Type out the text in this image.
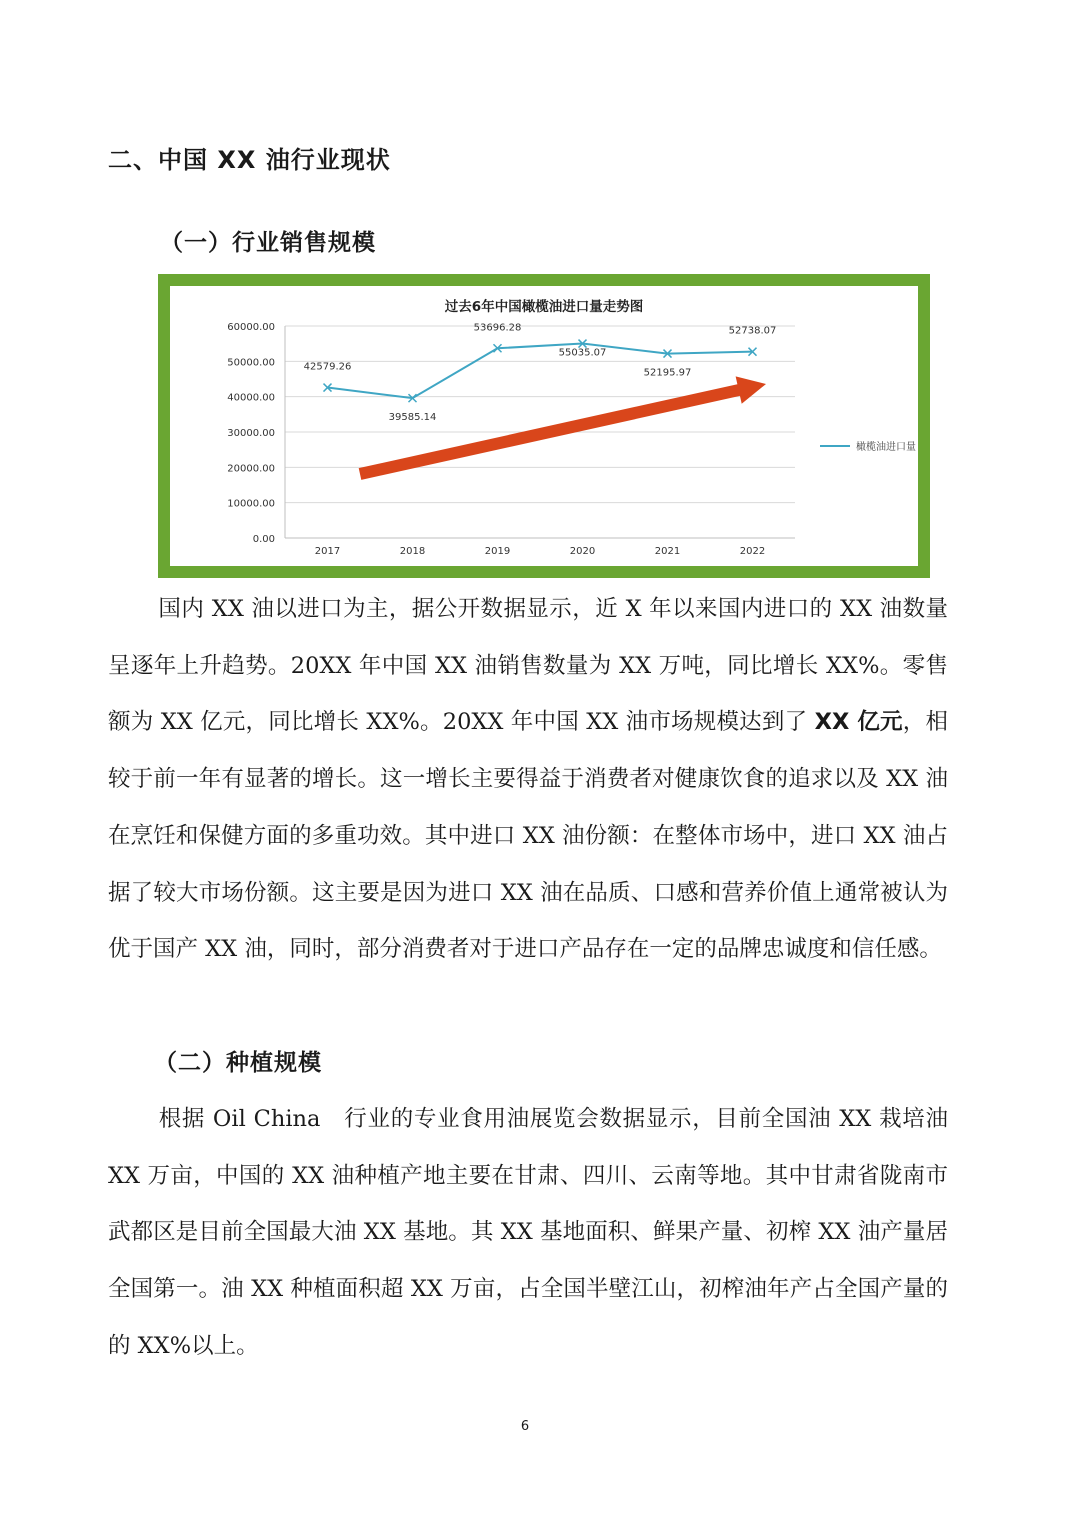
二、中国 XX 油行业现状
（一）行业销售规模
过去6年中国橄榄油进口量走势图
0.00
10000.00
20000.00
30000.00
40000.00
50000.00
60000.00
2017	2018	2019	2020	2021	2022
42579.26
39585.14
53696.28
55035.07
52195.97
52738.07
橄榄油进口量

国内 XX 油以进口为主，据公开数据显示，近 X 年以来国内进口的 XX 油数量呈逐年上升趋势。20XX 年中国 XX 油销售数量为 XX 万吨，同比增长 XX%。零售额为 XX 亿元，同比增长 XX%。20XX 年中国 XX 油市场规模达到了 XX 亿元，相较于前一年有显著的增长。这一增长主要得益于消费者对健康饮食的追求以及 XX 油在烹饪和保健方面的多重功效。其中进口 XX 油份额：在整体市场中，进口 XX 油占据了较大市场份额。这主要是因为进口 XX 油在品质、口感和营养价值上通常被认为优于国产 XX 油，同时，部分消费者对于进口产品存在一定的品牌忠诚度和信任感。

（二）种植规模

根据 Oil China　行业的专业食用油展览会数据显示，目前全国油 XX 栽培油 XX 万亩，中国的 XX 油种植产地主要在甘肃、四川、云南等地。其中甘肃省陇南市武都区是目前全国最大油 XX 基地。其 XX 基地面积、鲜果产量、初榨 XX 油产量居全国第一。油 XX 种植面积超 XX 万亩，占全国半壁江山，初榨油年产占全国产量的的 XX%以上。

6
